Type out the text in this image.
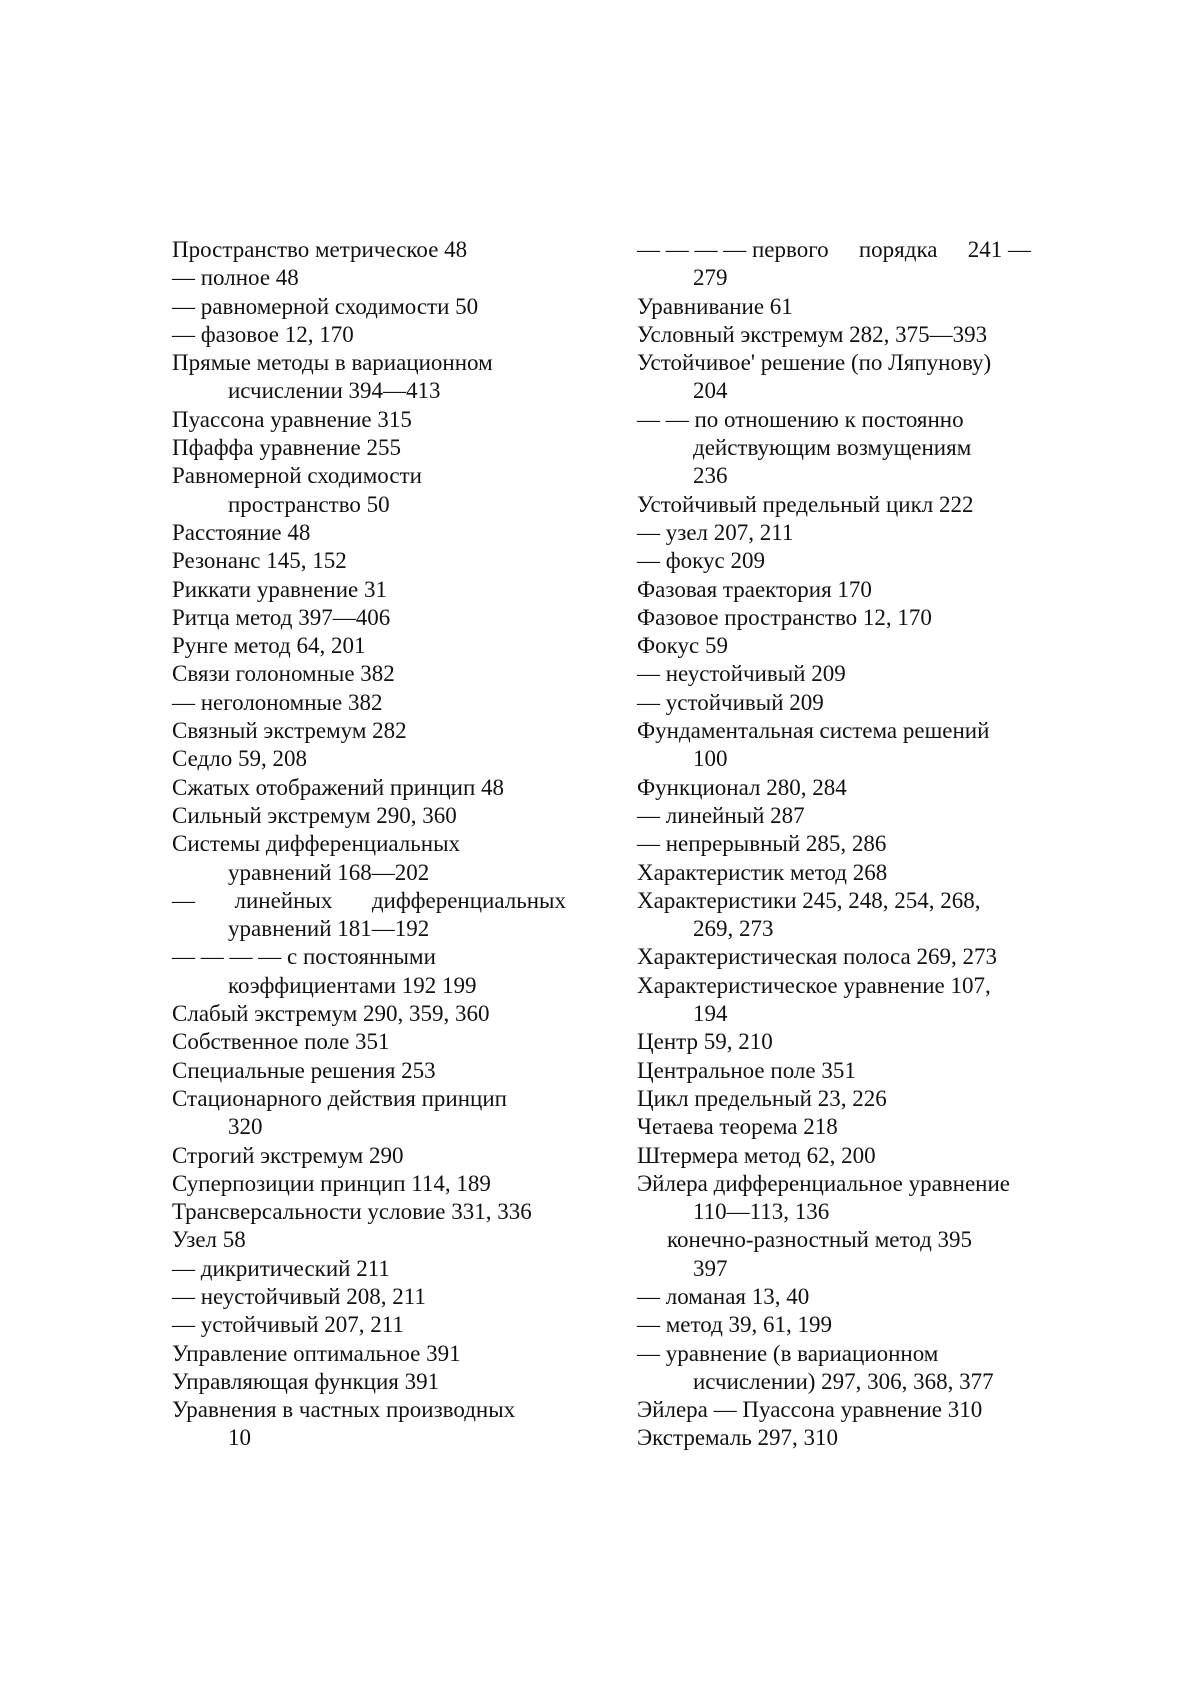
Пространство метрическое 48
— полное 48
— равномерной сходимости 50
— фазовое 12, 170
Прямые методы в вариационном
исчислении 394—413
Пуассона уравнение 315
Пфаффа уравнение 255
Равномерной сходимости
пространство 50
Расстояние 48
Резонанс 145, 152
Риккати уравнение 31
Ритца метод 397—406
Рунге метод 64, 201
Связи голономные 382
— неголономные 382
Связный экстремум 282
Седло 59, 208
Сжатых отображений принцип 48
Сильный экстремум 290, 360
Системы дифференциальных
уравнений 168—202
— линейных дифференциальных
уравнений 181—192
— — — — с постоянными
коэффициентами 192 199
Слабый экстремум 290, 359, 360
Собственное поле 351
Специальные решения 253
Стационарного действия принцип
320
Строгий экстремум 290
Суперпозиции принцип 114, 189
Трансверсальности условие 331, 336
Узел 58
— дикритический 211
— неустойчивый 208, 211
— устойчивый 207, 211
Управление оптимальное 391
Управляющая функция 391
Уравнения в частных производных
10
— — — — первого порядка 241 —
279
Уравнивание 61
Условный экстремум 282, 375—393
Устойчивое' решение (по Ляпунову)
204
— — по отношению к постоянно
действующим возмущениям
236
Устойчивый предельный цикл 222
— узел 207, 211
— фокус 209
Фазовая траектория 170
Фазовое пространство 12, 170
Фокус 59
— неустойчивый 209
— устойчивый 209
Фундаментальная система решений
100
Функционал 280, 284
— линейный 287
— непрерывный 285, 286
Характеристик метод 268
Характеристики 245, 248, 254, 268,
269, 273
Характеристическая полоса 269, 273
Характеристическое уравнение 107,
194
Центр 59, 210
Центральное поле 351
Цикл предельный 23, 226
Четаева теорема 218
Штермера метод 62, 200
Эйлера дифференциальное уравнение
110—113, 136
конечно-разностный метод 395
397
— ломаная 13, 40
— метод 39, 61, 199
— уравнение (в вариационном
исчислении) 297, 306, 368, 377
Эйлера — Пуассона уравнение 310
Экстремаль 297, 310
